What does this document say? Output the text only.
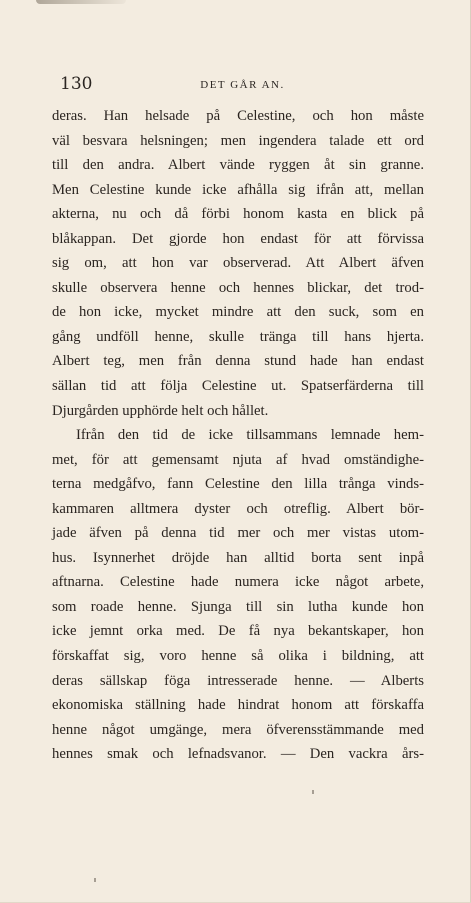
130	DET GÅR AN.
deras. Han helsade på Celestine, och hon måste
väl besvara helsningen; men ingendera talade ett ord
till den andra. Albert vände ryggen åt sin granne.
Men Celestine kunde icke afhålla sig ifrån att, mellan
akterna, nu och då förbi honom kasta en blick på
blåkappan. Det gjorde hon endast för att förvissa
sig om, att hon var observerad. Att Albert äfven
skulle observera henne och hennes blickar, det trod-
de hon icke, mycket mindre att den suck, som en
gång undföll henne, skulle tränga till hans hjerta.
Albert teg, men från denna stund hade han endast
sällan tid att följa Celestine ut. Spatserfärderna till
Djurgården upphörde helt och hållet.
Ifrån den tid de icke tillsammans lemnade hem-
met, för att gemensamt njuta af hvad omständighe-
terna medgåfvo, fann Celestine den lilla trånga vinds-
kammaren alltmera dyster och otreflig. Albert bör-
jade äfven på denna tid mer och mer vistas utom-
hus. Isynnerhet dröjde han alltid borta sent inpå
aftnarna. Celestine hade numera icke något arbete,
som roade henne. Sjunga till sin lutha kunde hon
icke jemnt orka med. De få nya bekantskaper, hon
förskaffat sig, voro henne så olika i bildning, att
deras sällskap föga intresserade henne. — Alberts
ekonomiska ställning hade hindrat honom att förskaffa
henne något umgänge, mera öfverensstämmande med
hennes smak och lefnadsvanor. — Den vackra års-
